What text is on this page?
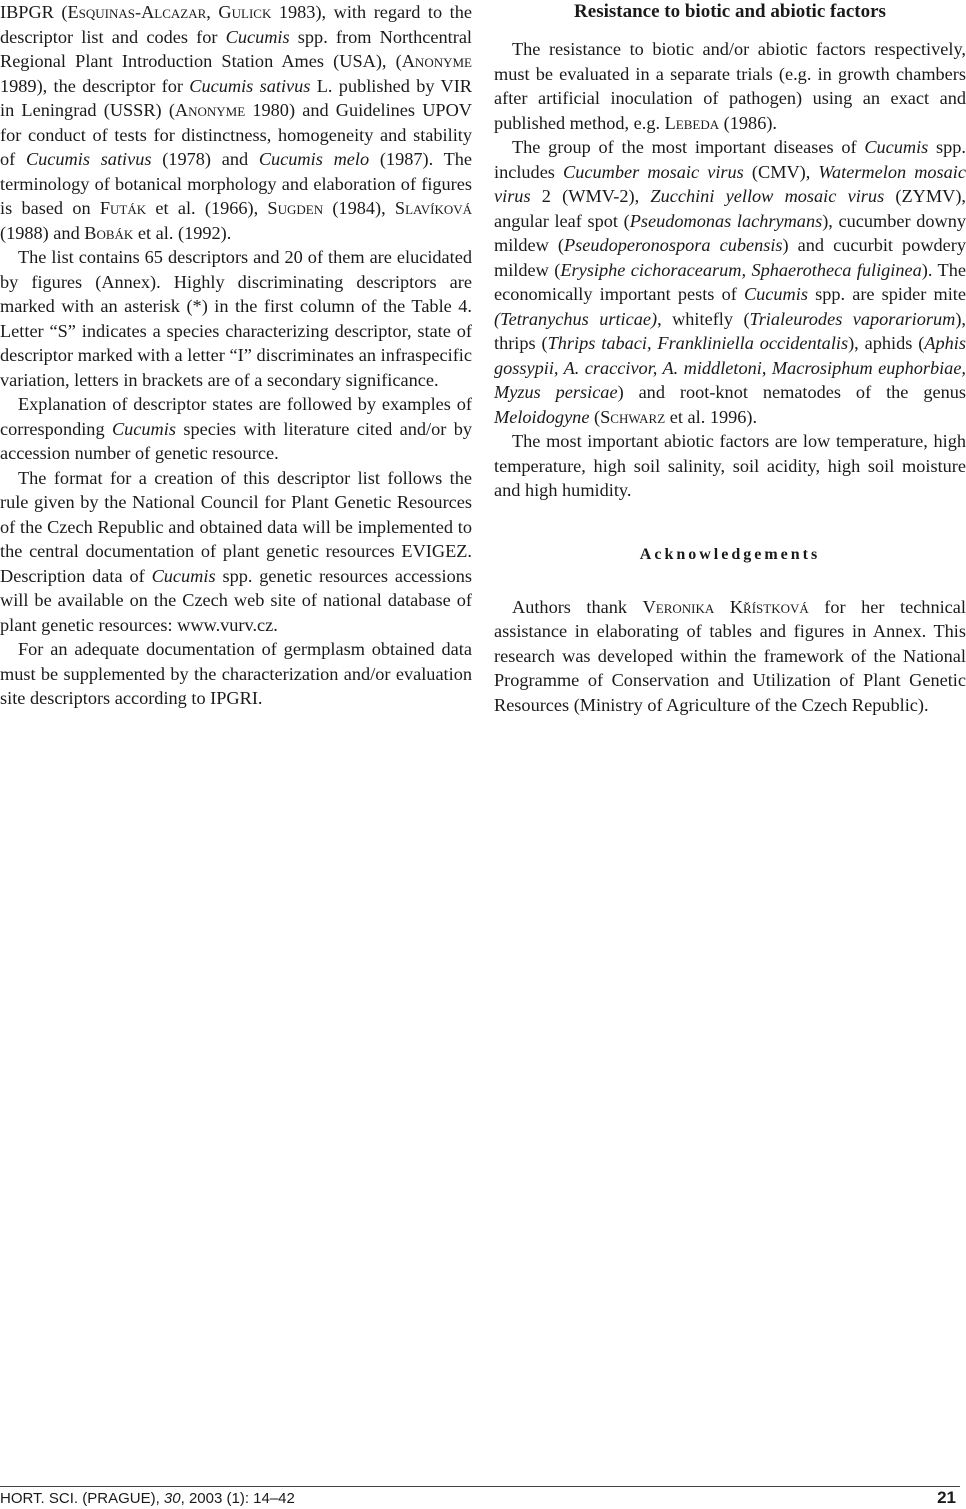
IBPGR (Esquinas-Alcazar, Gulick 1983), with regard to the descriptor list and codes for Cucumis spp. from Northcentral Regional Plant Introduction Station Ames (USA), (Anonyme 1989), the descriptor for Cucumis sativus L. published by VIR in Leningrad (USSR) (Anonyme 1980) and Guidelines UPOV for conduct of tests for distinctness, homogeneity and stability of Cucumis sativus (1978) and Cucumis melo (1987). The terminology of botanical morphology and elaboration of figures is based on Futák et al. (1966), Sugden (1984), Slavíková (1988) and Bobák et al. (1992).

The list contains 65 descriptors and 20 of them are elucidated by figures (Annex). Highly discriminating descriptors are marked with an asterisk (*) in the first column of the Table 4. Letter “S” indicates a species characterizing descriptor, state of descriptor marked with a letter “I” discriminates an infraspecific variation, letters in brackets are of a secondary significance.

Explanation of descriptor states are followed by examples of corresponding Cucumis species with literature cited and/or by accession number of genetic resource.

The format for a creation of this descriptor list follows the rule given by the National Council for Plant Genetic Resources of the Czech Republic and obtained data will be implemented to the central documentation of plant genetic resources EVIGEZ. Description data of Cucumis spp. genetic resources accessions will be available on the Czech web site of national database of plant genetic resources: www.vurv.cz.

For an adequate documentation of germplasm obtained data must be supplemented by the characterization and/or evaluation site descriptors according to IPGRI.

Resistance to biotic and abiotic factors

The resistance to biotic and/or abiotic factors respectively, must be evaluated in a separate trials (e.g. in growth chambers after artificial inoculation of pathogen) using an exact and published method, e.g. Lebeda (1986).

The group of the most important diseases of Cucumis spp. includes Cucumber mosaic virus (CMV), Watermelon mosaic virus 2 (WMV-2), Zucchini yellow mosaic virus (ZYMV), angular leaf spot (Pseudomonas lachrymans), cucumber downy mildew (Pseudoperonospora cubensis) and cucurbit powdery mildew (Erysiphe cichoracearum, Sphaerotheca fuliginea). The economically important pests of Cucumis spp. are spider mite (Tetranychus urticae), whitefly (Trialeurodes vaporariorum), thrips (Thrips tabaci, Frankliniella occidentalis), aphids (Aphis gossypii, A. craccivor, A. middletoni, Macrosiphum euphorbiae, Myzus persicae) and root-knot nematodes of the genus Meloidogyne (Schwarz et al. 1996).

The most important abiotic factors are low temperature, high temperature, high soil salinity, soil acidity, high soil moisture and high humidity.

Acknowledgements

Authors thank Veronika Křístková for her technical assistance in elaborating of tables and figures in Annex. This research was developed within the framework of the National Programme of Conservation and Utilization of Plant Genetic Resources (Ministry of Agriculture of the Czech Republic).

HORT. SCI. (PRAGUE), 30, 2003 (1): 14–42	21
